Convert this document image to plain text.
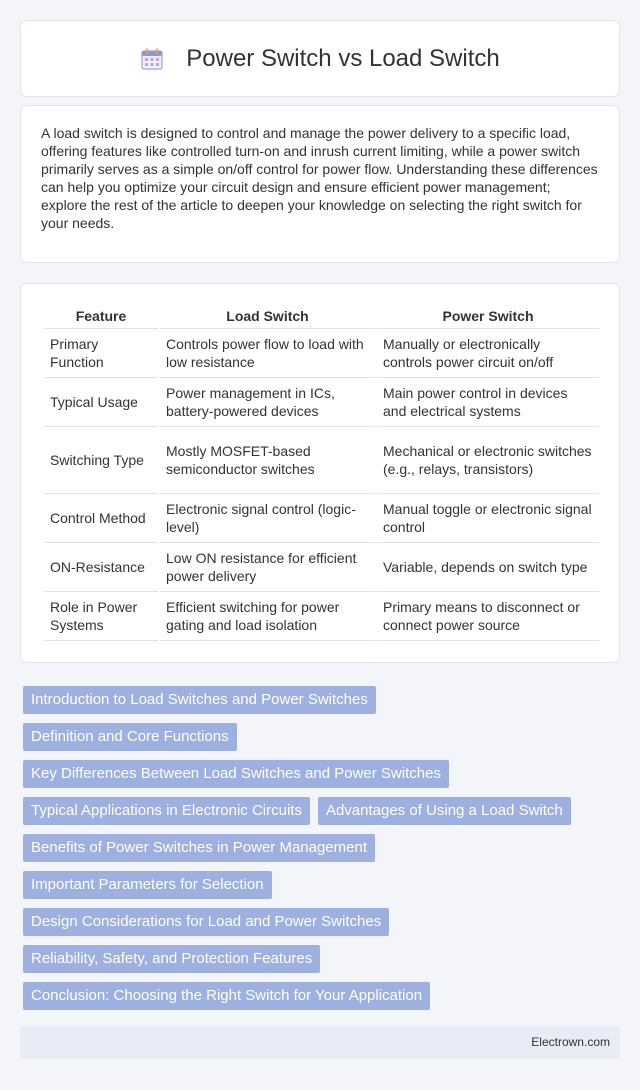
Power Switch vs Load Switch

A load switch is designed to control and manage the power delivery to a specific load, offering features like controlled turn-on and inrush current limiting, while a power switch primarily serves as a simple on/off control for power flow. Understanding these differences can help you optimize your circuit design and ensure efficient power management; explore the rest of the article to deepen your knowledge on selecting the right switch for your needs.

Feature	Load Switch	Power Switch
Primary Function	Controls power flow to load with low resistance	Manually or electronically controls power circuit on/off
Typical Usage	Power management in ICs, battery-powered devices	Main power control in devices and electrical systems
Switching Type	Mostly MOSFET-based semiconductor switches	Mechanical or electronic switches (e.g., relays, transistors)
Control Method	Electronic signal control (logic-level)	Manual toggle or electronic signal control
ON-Resistance	Low ON resistance for efficient power delivery	Variable, depends on switch type
Role in Power Systems	Efficient switching for power gating and load isolation	Primary means to disconnect or connect power source
Introduction to Load Switches and Power Switches
Definition and Core Functions
Key Differences Between Load Switches and Power Switches
Typical Applications in Electronic Circuits	Advantages of Using a Load Switch
Benefits of Power Switches in Power Management
Important Parameters for Selection
Design Considerations for Load and Power Switches
Reliability, Safety, and Protection Features
Conclusion: Choosing the Right Switch for Your Application
Electrown.com
